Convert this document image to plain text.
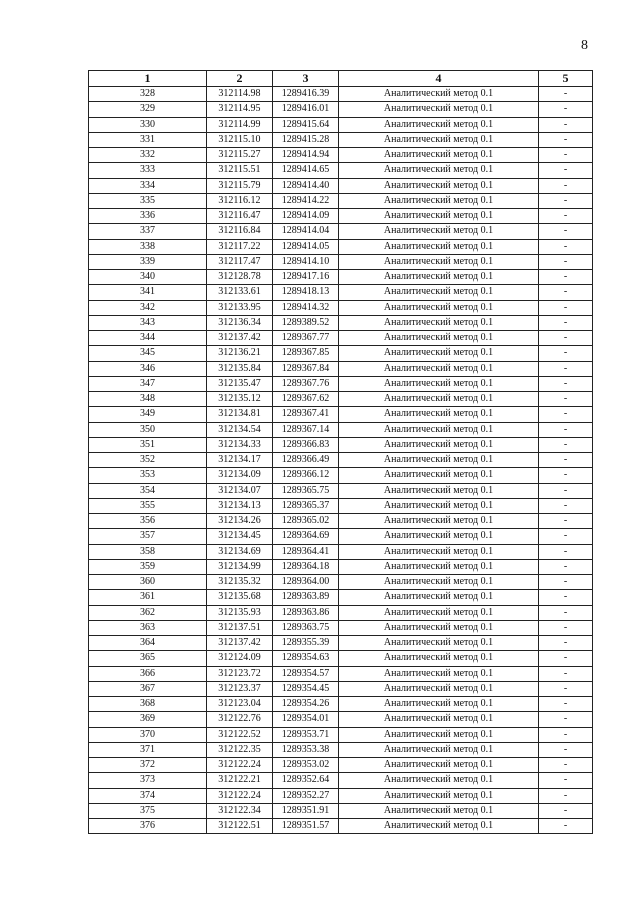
8
1	2	3	4	5
328	312114.98	1289416.39	Аналитический метод 0.1	-
329	312114.95	1289416.01	Аналитический метод 0.1	-
330	312114.99	1289415.64	Аналитический метод 0.1	-
331	312115.10	1289415.28	Аналитический метод 0.1	-
332	312115.27	1289414.94	Аналитический метод 0.1	-
333	312115.51	1289414.65	Аналитический метод 0.1	-
334	312115.79	1289414.40	Аналитический метод 0.1	-
335	312116.12	1289414.22	Аналитический метод 0.1	-
336	312116.47	1289414.09	Аналитический метод 0.1	-
337	312116.84	1289414.04	Аналитический метод 0.1	-
338	312117.22	1289414.05	Аналитический метод 0.1	-
339	312117.47	1289414.10	Аналитический метод 0.1	-
340	312128.78	1289417.16	Аналитический метод 0.1	-
341	312133.61	1289418.13	Аналитический метод 0.1	-
342	312133.95	1289414.32	Аналитический метод 0.1	-
343	312136.34	1289389.52	Аналитический метод 0.1	-
344	312137.42	1289367.77	Аналитический метод 0.1	-
345	312136.21	1289367.85	Аналитический метод 0.1	-
346	312135.84	1289367.84	Аналитический метод 0.1	-
347	312135.47	1289367.76	Аналитический метод 0.1	-
348	312135.12	1289367.62	Аналитический метод 0.1	-
349	312134.81	1289367.41	Аналитический метод 0.1	-
350	312134.54	1289367.14	Аналитический метод 0.1	-
351	312134.33	1289366.83	Аналитический метод 0.1	-
352	312134.17	1289366.49	Аналитический метод 0.1	-
353	312134.09	1289366.12	Аналитический метод 0.1	-
354	312134.07	1289365.75	Аналитический метод 0.1	-
355	312134.13	1289365.37	Аналитический метод 0.1	-
356	312134.26	1289365.02	Аналитический метод 0.1	-
357	312134.45	1289364.69	Аналитический метод 0.1	-
358	312134.69	1289364.41	Аналитический метод 0.1	-
359	312134.99	1289364.18	Аналитический метод 0.1	-
360	312135.32	1289364.00	Аналитический метод 0.1	-
361	312135.68	1289363.89	Аналитический метод 0.1	-
362	312135.93	1289363.86	Аналитический метод 0.1	-
363	312137.51	1289363.75	Аналитический метод 0.1	-
364	312137.42	1289355.39	Аналитический метод 0.1	-
365	312124.09	1289354.63	Аналитический метод 0.1	-
366	312123.72	1289354.57	Аналитический метод 0.1	-
367	312123.37	1289354.45	Аналитический метод 0.1	-
368	312123.04	1289354.26	Аналитический метод 0.1	-
369	312122.76	1289354.01	Аналитический метод 0.1	-
370	312122.52	1289353.71	Аналитический метод 0.1	-
371	312122.35	1289353.38	Аналитический метод 0.1	-
372	312122.24	1289353.02	Аналитический метод 0.1	-
373	312122.21	1289352.64	Аналитический метод 0.1	-
374	312122.24	1289352.27	Аналитический метод 0.1	-
375	312122.34	1289351.91	Аналитический метод 0.1	-
376	312122.51	1289351.57	Аналитический метод 0.1	-
